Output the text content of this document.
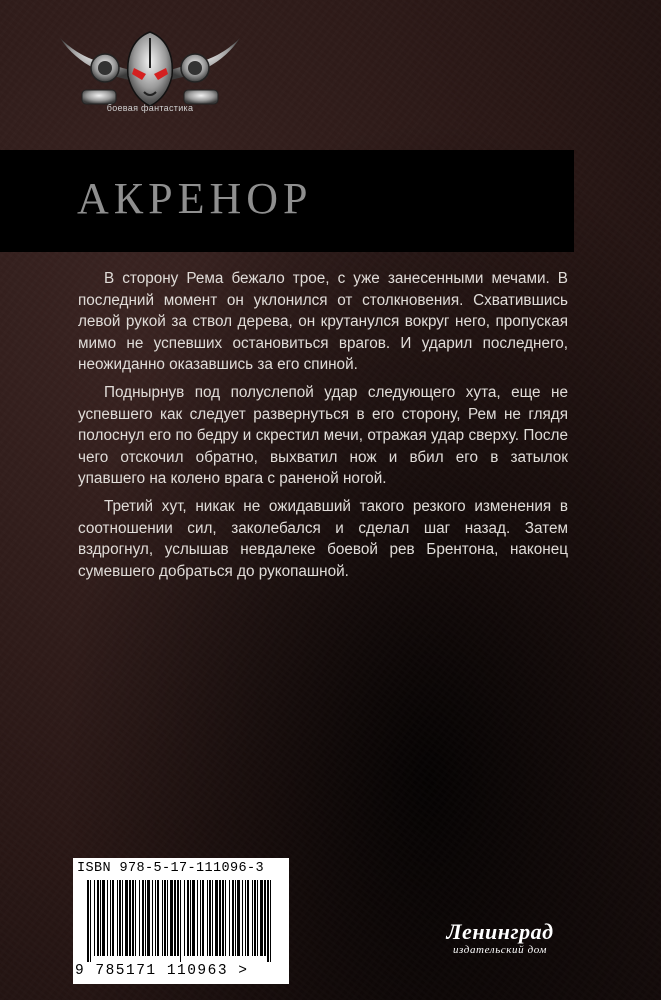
боевая фантастика
АКРЕНОР

В сторону Рема бежало трое, с уже занесенными мечами. В последний момент он уклонился от столкновения. Схватившись левой рукой за ствол дерева, он крутанулся вокруг него, пропуская мимо не успевших остановиться врагов. И ударил последнего, неожиданно оказавшись за его спиной.

Поднырнув под полуслепой удар следующего хута, еще не успевшего как следует развернуться в его сторону, Рем не глядя полоснул его по бедру и скрестил мечи, отражая удар сверху. После чего отскочил обратно, выхватил нож и вбил его в затылок упавшего на колено врага с раненой ногой.

Третий хут, никак не ожидавший такого резкого изменения в соотношении сил, заколебался и сделал шаг назад. Затем вздрогнул, услышав невдалеке боевой рев Брентона, наконец сумевшего добраться до рукопашной.

ISBN 978-5-17-111096-3
9 785171 110963 >
Ленинград
издательский дом
